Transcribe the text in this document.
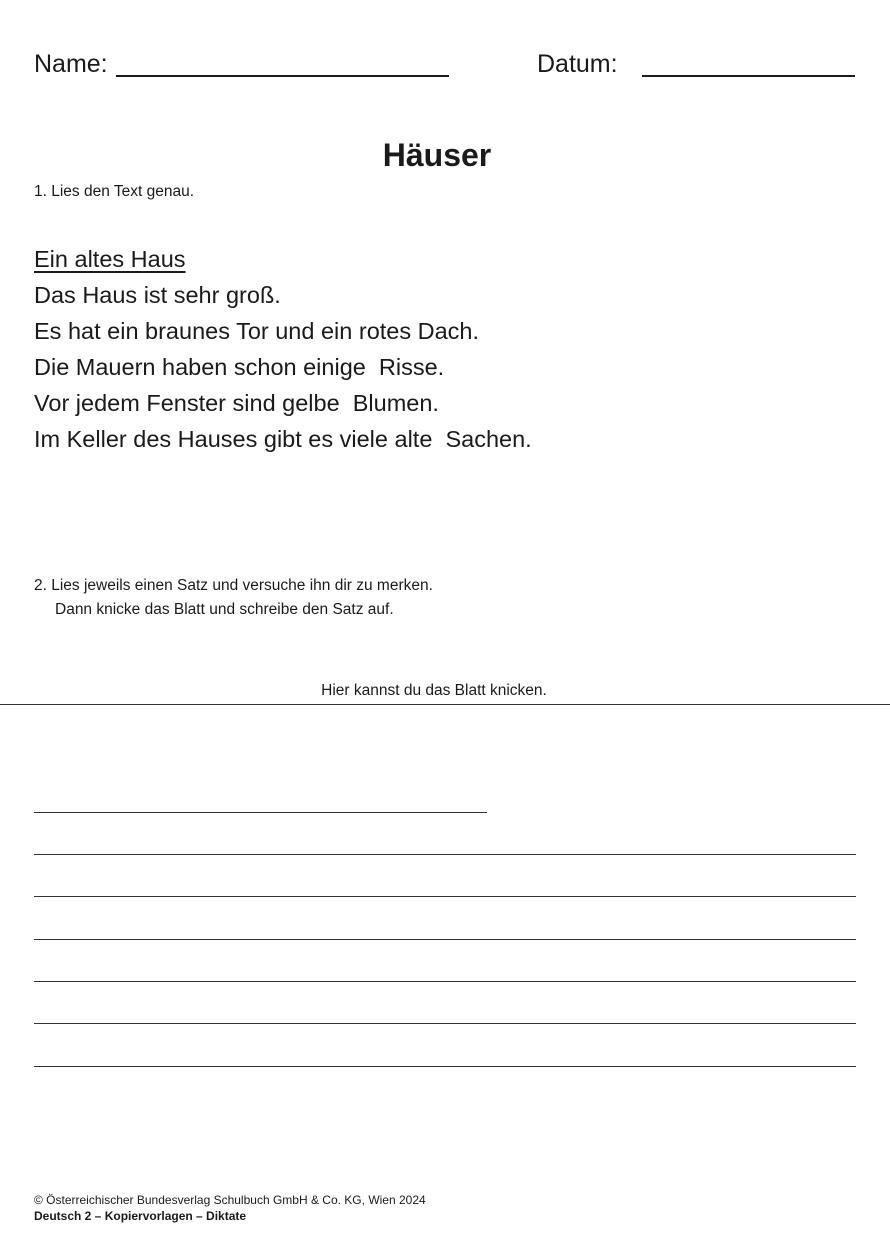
Name:	Datum:
Häuser
1. Lies den Text genau.
Ein altes Haus
Das Haus ist sehr groß.
Es hat ein braunes Tor und ein rotes Dach.
Die Mauern haben schon einige  Risse.
Vor jedem Fenster sind gelbe  Blumen.
Im Keller des Hauses gibt es viele alte  Sachen.
2. Lies jeweils einen Satz und versuche ihn dir zu merken.
Dann knicke das Blatt und schreibe den Satz auf.
Hier kannst du das Blatt knicken.
© Österreichischer Bundesverlag Schulbuch GmbH & Co. KG, Wien 2024
Deutsch 2 – Kopiervorlagen – Diktate
